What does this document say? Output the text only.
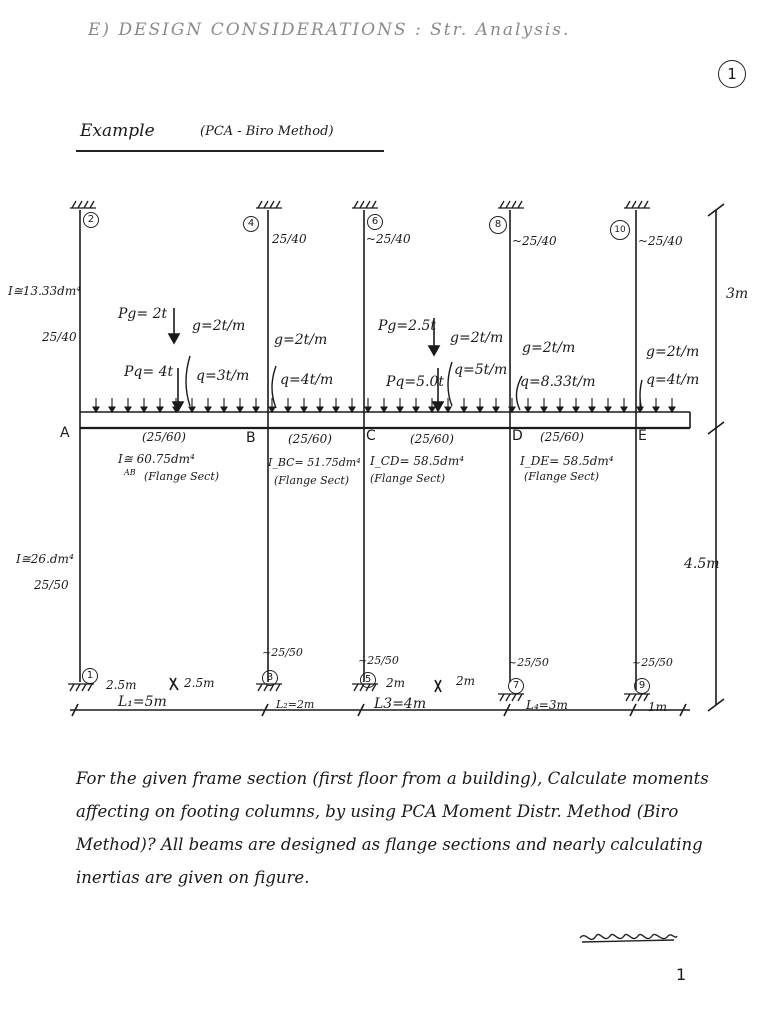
E) DESIGN CONSIDERATIONS : Str. Analysis.
1
Example	(PCA - Biro Method)
2	4	6	8	10
1	3	5
7	9
A	B	C	D	E
I≅13.33dm⁴
25/40
25/40	~25/40	~25/40	~25/40
I≅26.dm⁴
25/50
~25/50
~25/50	~25/50	~25/50
Pg= 2t
g=2t/m
Pq= 4t q=3t/m
g=2t/m
q=4t/m
Pg=2.5t
g=2t/m
Pq=5.0t
q=5t/m
g=2t/m
q=8.33t/m
g=2t/m
q=4t/m
(25/60)
I≅ 60.75dm⁴
AB (Flange Sect)
(25/60)
I_BC= 51.75dm⁴
(Flange Sect)
(25/60)
I_CD= 58.5dm⁴
(Flange Sect)
(25/60)
I_DE= 58.5dm⁴
(Flange Sect)
3m
4.5m
2.5m	2.5m	2m	2m
L₁=5m	L₂=2m	L3=4m	L₄=3m	1m
For the given frame section (first floor from a building), Calculate moments affecting on footing columns, by using PCA Moment Distr. Method (Biro Method)? All beams are designed as flange sections and nearly calculating inertias are given on figure.
1
